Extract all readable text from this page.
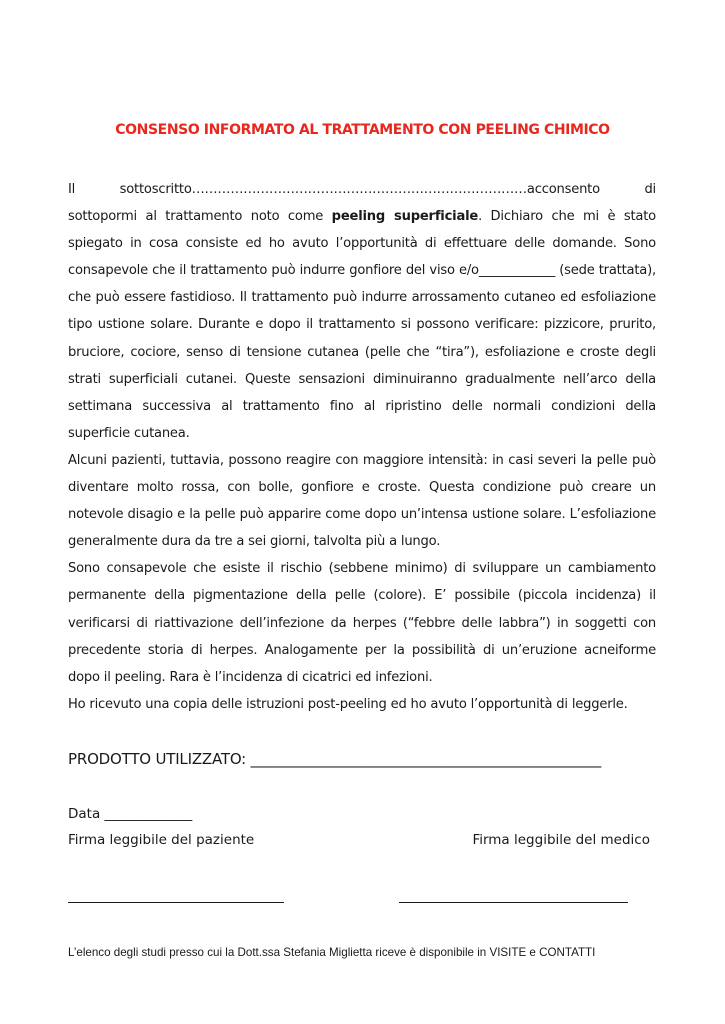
CONSENSO INFORMATO AL TRATTAMENTO CON PEELING CHIMICO
Il	sottoscritto……………………………………………………………………acconsento	di

sottopormi al trattamento noto come peeling superficiale. Dichiaro che mi è stato spiegato in cosa consiste ed ho avuto l’opportunità di effettuare delle domande. Sono consapevole che il trattamento può indurre gonfiore del viso e/o____________ (sede trattata), che può essere fastidioso. Il trattamento può indurre arrossamento cutaneo ed esfoliazione tipo ustione solare. Durante e dopo il trattamento si possono verificare: pizzicore, prurito, bruciore, cociore, senso di tensione cutanea (pelle che “tira”), esfoliazione e croste degli strati superficiali cutanei. Queste sensazioni diminuiranno gradualmente nell’arco della settimana successiva al trattamento fino al ripristino delle normali condizioni della superficie cutanea.

Alcuni pazienti, tuttavia, possono reagire con maggiore intensità: in casi severi la pelle può diventare molto rossa, con bolle, gonfiore e croste. Questa condizione può creare un notevole disagio e la pelle può apparire come dopo un’intensa ustione solare. L’esfoliazione generalmente dura da tre a sei giorni, talvolta più a lungo.

Sono consapevole che esiste il rischio (sebbene minimo) di sviluppare un cambiamento permanente della pigmentazione della pelle (colore). E’ possibile (piccola incidenza) il verificarsi di riattivazione dell’infezione da herpes (“febbre delle labbra”) in soggetti con precedente storia di herpes. Analogamente per la possibilità di un’eruzione acneiforme dopo il peeling. Rara è l’incidenza di cicatrici ed infezioni.

Ho ricevuto una copia delle istruzioni post-peeling ed ho avuto l’opportunità di leggerle.

PRODOTTO UTILIZZATO: ________________________________________________
Data _____________
Firma leggibile del paziente	Firma leggibile del medico
L’elenco degli studi presso cui la Dott.ssa Stefania Miglietta riceve è disponibile in VISITE e CONTATTI
